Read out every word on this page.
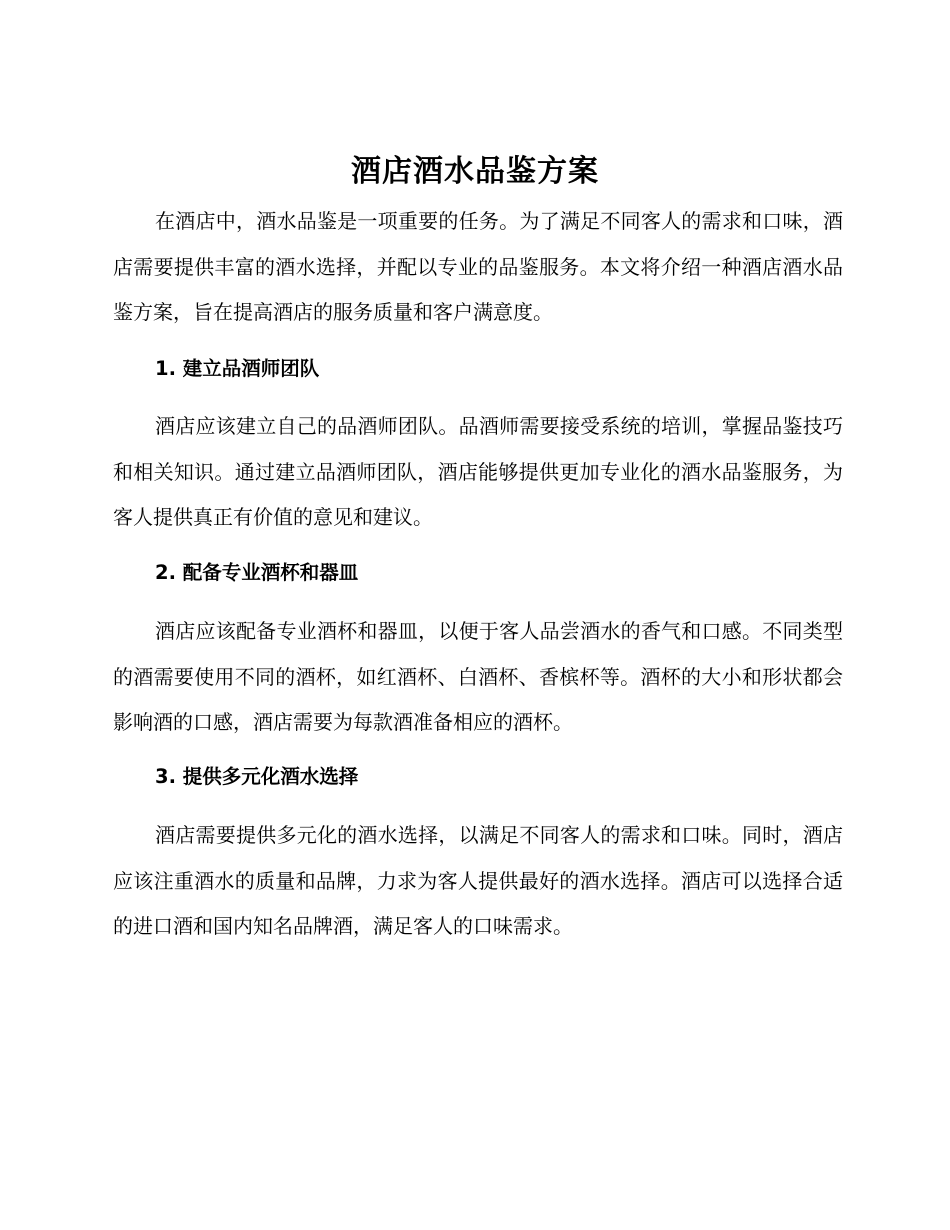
酒店酒水品鉴方案

在酒店中，酒水品鉴是一项重要的任务。为了满足不同客人的需求和口味，酒店需要提供丰富的酒水选择，并配以专业的品鉴服务。本文将介绍一种酒店酒水品鉴方案，旨在提高酒店的服务质量和客户满意度。

1. 建立品酒师团队

酒店应该建立自己的品酒师团队。品酒师需要接受系统的培训，掌握品鉴技巧和相关知识。通过建立品酒师团队，酒店能够提供更加专业化的酒水品鉴服务，为客人提供真正有价值的意见和建议。

2. 配备专业酒杯和器皿

酒店应该配备专业酒杯和器皿，以便于客人品尝酒水的香气和口感。不同类型的酒需要使用不同的酒杯，如红酒杯、白酒杯、香槟杯等。酒杯的大小和形状都会影响酒的口感，酒店需要为每款酒准备相应的酒杯。

3. 提供多元化酒水选择

酒店需要提供多元化的酒水选择，以满足不同客人的需求和口味。同时，酒店应该注重酒水的质量和品牌，力求为客人提供最好的酒水选择。酒店可以选择合适的进口酒和国内知名品牌酒，满足客人的口味需求。
